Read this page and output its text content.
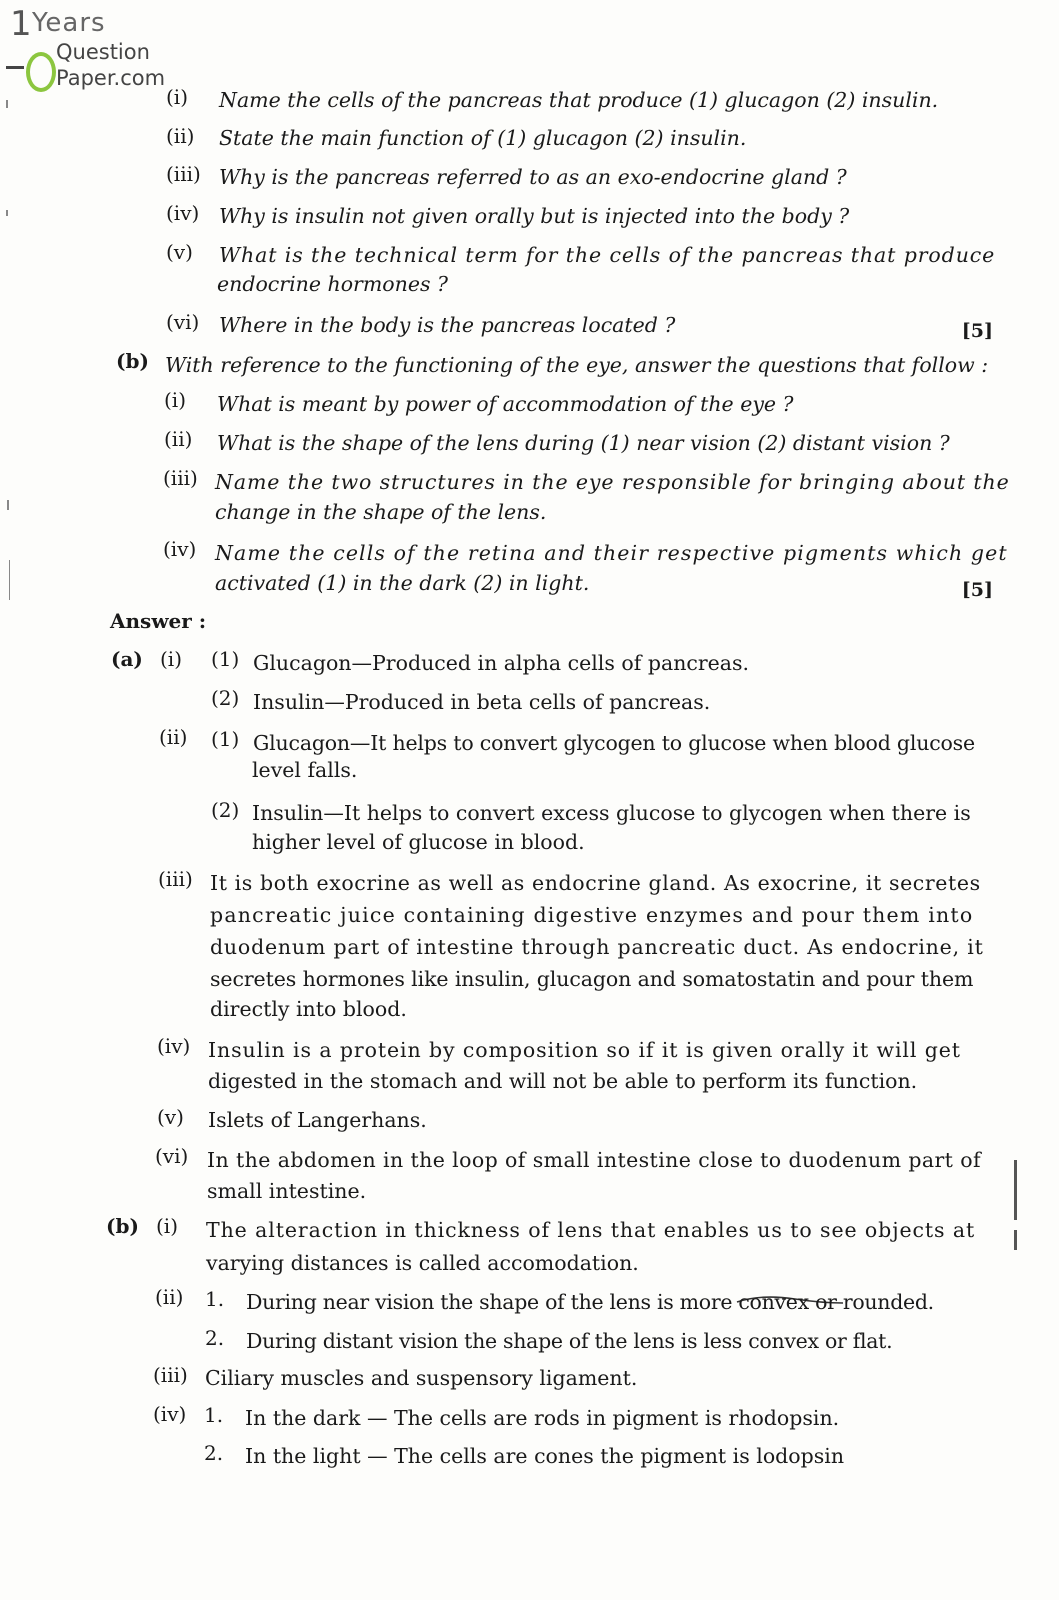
1 Years
Question
Paper.com
(i) Name the cells of the pancreas that produce (1) glucagon (2) insulin.
(ii) State the main function of (1) glucagon (2) insulin.
(iii) Why is the pancreas referred to as an exo-endocrine gland ?
(iv) Why is insulin not given orally but is injected into the body ?
(v) What is the technical term for the cells of the pancreas that produce
endocrine hormones ?
(vi) Where in the body is the pancreas located ?	[5]
(b) With reference to the functioning of the eye, answer the questions that follow :
(i) What is meant by power of accommodation of the eye ?
(ii) What is the shape of the lens during (1) near vision (2) distant vision ?
(iii) Name the two structures in the eye responsible for bringing about the
change in the shape of the lens.
(iv) Name the cells of the retina and their respective pigments which get
activated (1) in the dark (2) in light.	[5]
Answer :
(a) (i) (1) Glucagon—Produced in alpha cells of pancreas.
(2) Insulin—Produced in beta cells of pancreas.
(ii) (1) Glucagon—It helps to convert glycogen to glucose when blood glucose
level falls.
(2) Insulin—It helps to convert excess glucose to glycogen when there is
higher level of glucose in blood.
(iii) It is both exocrine as well as endocrine gland. As exocrine, it secretes
pancreatic juice containing digestive enzymes and pour them into
duodenum part of intestine through pancreatic duct. As endocrine, it
secretes hormones like insulin, glucagon and somatostatin and pour them
directly into blood.
(iv) Insulin is a protein by composition so if it is given orally it will get
digested in the stomach and will not be able to perform its function.
(v) Islets of Langerhans.
(vi) In the abdomen in the loop of small intestine close to duodenum part of
small intestine.
(b) (i) The alteraction in thickness of lens that enables us to see objects at
varying distances is called accomodation.
(ii) 1. During near vision the shape of the lens is more convex or rounded.
2. During distant vision the shape of the lens is less convex or flat.
(iii) Ciliary muscles and suspensory ligament.
(iv) 1. In the dark — The cells are rods in pigment is rhodopsin.
2. In the light — The cells are cones the pigment is lodopsin
